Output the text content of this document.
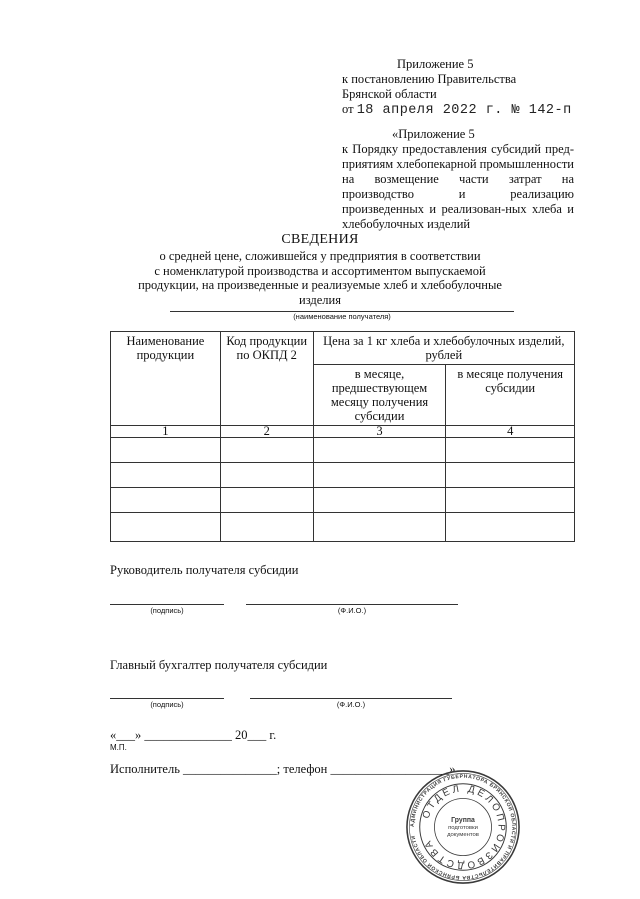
Приложение 5
к постановлению Правительства
Брянской области
от 18 апреля 2022 г. № 142-п
«Приложение 5
к Порядку предоставления субсидий пред-приятиям хлебопекарной промышленности на возмещение части затрат на производство и реализацию произведенных и реализован-ных хлеба и хлебобулочных изделий
СВЕДЕНИЯ
о средней цене, сложившейся у предприятия в соответствии
с номенклатурой производства и ассортиментом выпускаемой
продукции, на произведенные и реализуемые хлеб и хлебобулочные изделия
(наименование получателя)
Наименование продукции	Код продукции по ОКПД 2	Цена за 1 кг хлеба и хлебобулочных изделий, рублей	
		в месяце, предшествующем месяцу получения субсидии	в месяце получения субсидии
1	2	3	4

Руководитель получателя субсидии
(подпись)	(Ф.И.О.)
Главный бухгалтер получателя субсидии
(подпись)	(Ф.И.О.)
«___» ______________ 20___ г.
М.П.
Исполнитель _______________; телефон ___________________»
АДМИНИСТРАЦИЯ ГУБЕРНАТОРА БРЯНСКОЙ ОБЛАСТИ И ПРАВИТЕЛЬСТВА БРЯНСКОЙ ОБЛАСТИ
ОТДЕЛ ДЕЛОПРОИЗВОДСТВА
Группа
подготовки
документов
